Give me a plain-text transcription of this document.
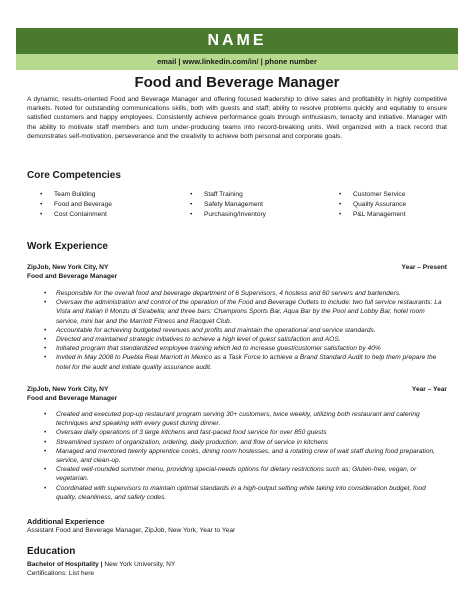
NAME
email | www.linkedin.com/in/ | phone number
Food and Beverage Manager
A dynamic, results-oriented Food and Beverage Manager and offering focused leadership to drive sales and profitability in highly competitive markets. Noted for outstanding communications skills, both with guests and staff; ability to resolve problems quickly and equitably to ensure satisfied customers and happy employees. Consistently achieve performance goals through enthusiasm, tenacity and initiative. Manager with the ability to motivate staff members and turn under-producing teams into record-breaking units. Well organized with a track record that demonstrates self-motivation, perseverance and the creativity to achieve both personal and corporate goals.
Core Competencies
• Team Building
• Food and Beverage
• Cost Containment
• Staff Training
• Safety Management
• Purchasing/Inventory
• Customer Service
• Quality Assurance
• P&L Management
Work Experience
ZipJob, New York City, NY	Year – Present
Food and Beverage Manager
• Responsible for the overall food and beverage department of 6 Supervisors, 4 hostess and 60 servers and bartenders.
• Oversaw the administration and control of the operation of the Food and Beverage Outlets to include: two full service restaurants: La Vista and Italian Il Monzu di Sirabella; and three bars: Champions Sports Bar, Aqua Bar by the Pool and Lobby Bar, hotel room service, mini bar and the Marriott Fitness and Racquet Club.
• Accountable for achieving budgeted revenues and profits and maintain the operational and service standards.
• Directed and maintained strategic initiatives to achieve a high level of guest satisfaction and AOS.
• Initiated program that standardized employee training which led to increase guest/customer satisfaction by 40%
• Invited in May 2008 to Puebla Real Marriott in Mexico as a Task Force to achieve a Brand Standard Audit to help them prepare the hotel for the audit and initiate quality assurance audit.
ZipJob, New York City, NY	Year – Year
Food and Beverage Manager
• Created and executed pop-up restaurant program serving 30+ customers, twice weekly, utilizing both restaurant and catering techniques and speaking with every guest during dinner.
• Oversaw daily operations of 3 large kitchens and fast-paced food service for over 850 guests
• Streamlined system of organization, ordering, daily production, and flow of service in kitchens
• Managed and mentored twenty apprentice cooks, dining room hostesses, and a rotating crew of wait staff during food preparation, service, and clean-up.
• Created well-rounded summer menu, providing special-needs options for dietary restrictions such as; Gluten-free, vegan, or vegetarian.
• Coordinated with supervisors to maintain optimal standards in a high-output setting while taking into consideration budget, food quality, cleanliness, and safety codes.
Additional Experience
Assistant Food and Beverage Manager, ZipJob, New York, Year to Year
Education
Bachelor of Hospitality | New York University, NY
Certifications: List here
